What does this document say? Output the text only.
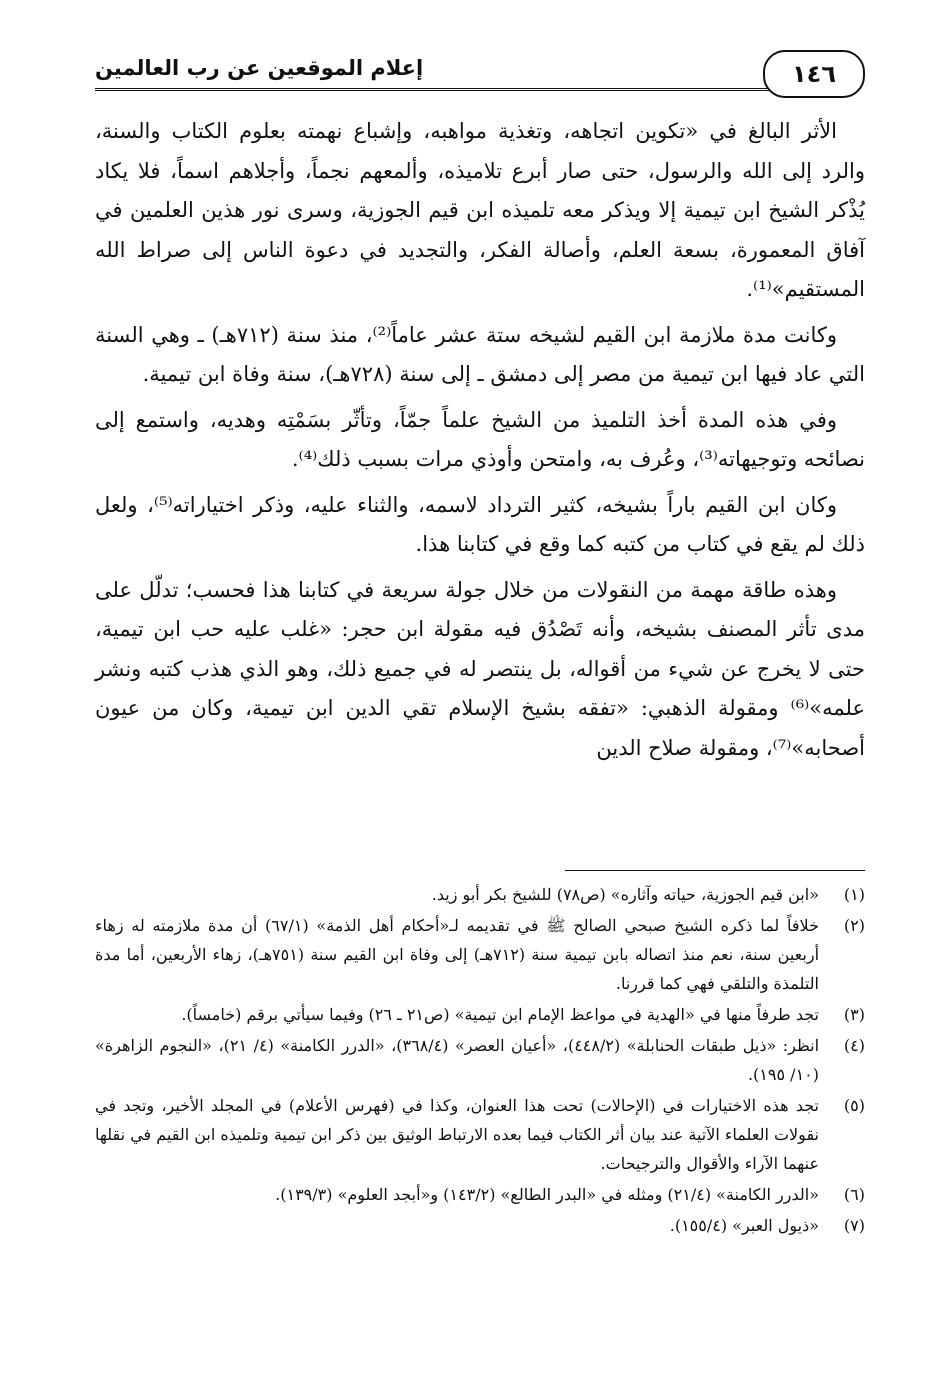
إعلام الموقعين عن رب العالمين	١٤٦

الأثر البالغ في «تكوين اتجاهه، وتغذية مواهبه، وإشباع نهمته بعلوم الكتاب والسنة، والرد إلى الله والرسول، حتى صار أبرع تلاميذه، وألمعهم نجماً، وأجلاهم اسماً، فلا يكاد يُذْكر الشيخ ابن تيمية إلا ويذكر معه تلميذه ابن قيم الجوزية، وسرى نور هذين العلمين في آفاق المعمورة، بسعة العلم، وأصالة الفكر، والتجديد في دعوة الناس إلى صراط الله المستقيم»⁽¹⁾.

وكانت مدة ملازمة ابن القيم لشيخه ستة عشر عاماً⁽²⁾، منذ سنة (٧١٢هـ) ـ وهي السنة التي عاد فيها ابن تيمية من مصر إلى دمشق ـ إلى سنة (٧٢٨هـ)، سنة وفاة ابن تيمية.

وفي هذه المدة أخذ التلميذ من الشيخ علماً جمّاً، وتأثّر بسَمْتِه وهديه، واستمع إلى نصائحه وتوجيهاته⁽³⁾، وعُرف به، وامتحن وأوذي مرات بسبب ذلك⁽⁴⁾.

وكان ابن القيم باراً بشيخه، كثير الترداد لاسمه، والثناء عليه، وذكر اختياراته⁽⁵⁾، ولعل ذلك لم يقع في كتاب من كتبه كما وقع في كتابنا هذا.

وهذه طاقة مهمة من النقولات من خلال جولة سريعة في كتابنا هذا فحسب؛ تدلّل على مدى تأثر المصنف بشيخه، وأنه تَصْدُق فيه مقولة ابن حجر: «غلب عليه حب ابن تيمية، حتى لا يخرج عن شيء من أقواله، بل ينتصر له في جميع ذلك، وهو الذي هذب كتبه ونشر علمه»⁽⁶⁾ ومقولة الذهبي: «تفقه بشيخ الإسلام تقي الدين ابن تيمية، وكان من عيون أصحابه»⁽⁷⁾، ومقولة صلاح الدين

(١)
«ابن قيم الجوزية، حياته وآثاره» (ص٧٨) للشيخ بكر أبو زيد.
(٢)
خلافاً لما ذكره الشيخ صبحي الصالح ﷺ في تقديمه لـ«أحكام أهل الذمة» (٦٧/١) أن مدة ملازمته له زهاء أربعين سنة، نعم منذ اتصاله بابن تيمية سنة (٧١٢هـ) إلى وفاة ابن القيم سنة (٧٥١هـ)، زهاء الأربعين، أما مدة التلمذة والتلقي فهي كما قررنا.
(٣)
تجد طرفاً منها في «الهدية في مواعظ الإمام ابن تيمية» (ص٢١ ـ ٢٦) وفيما سيأتي برقم (خامساً).
(٤)
انظر: «ذيل طبقات الحنابلة» (٤٤٨/٢)، «أعيان العصر» (٣٦٨/٤)، «الدرر الكامنة» (٤/ ٢١)، «النجوم الزاهرة» (١٠/ ١٩٥).
(٥)
تجد هذه الاختيارات في (الإحالات) تحت هذا العنوان، وكذا في (فهرس الأعلام) في المجلد الأخير، وتجد في نقولات العلماء الآتية عند بيان أثر الكتاب فيما بعده الارتباط الوثيق بين ذكر ابن تيمية وتلميذه ابن القيم في نقلها عنهما الآراء والأقوال والترجيحات.
(٦)
«الدرر الكامنة» (٢١/٤) ومثله في «البدر الطالع» (١٤٣/٢) و«أبجد العلوم» (١٣٩/٣).
(٧)
«ذيول العبر» (١٥٥/٤).
